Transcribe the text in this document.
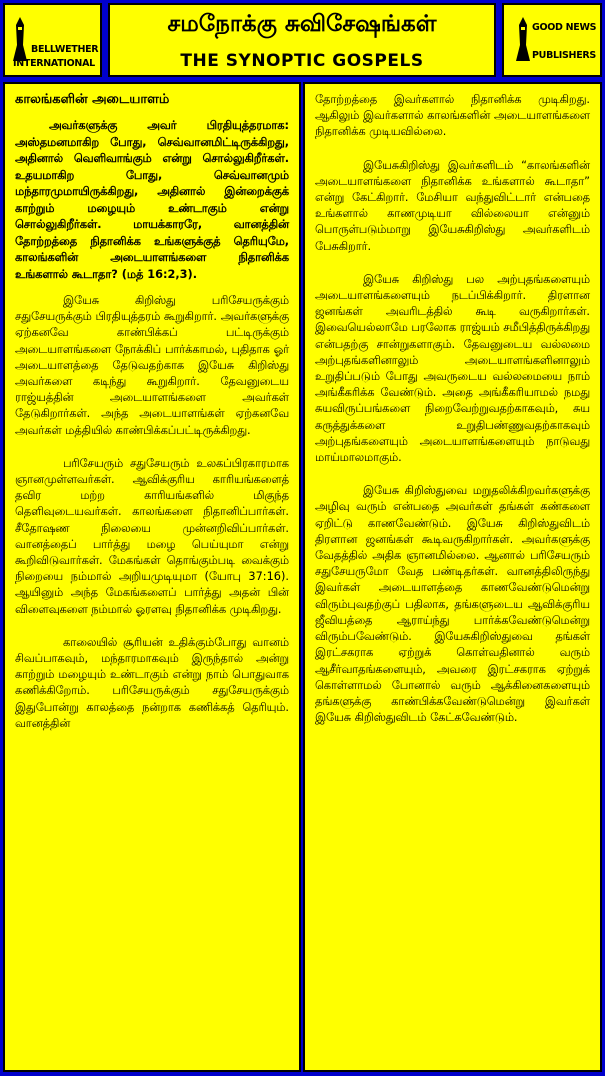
BELLWETHER
INTERNATIONAL
சமநோக்கு சுவிசேஷங்கள்
THE SYNOPTIC GOSPELS
GOOD NEWS
PUBLISHERS
காலங்களின் அடையாளம்

அவர்களுக்கு அவர் பிரதியுத்தரமாக: அஸ்தமனமாகிற போது, செவ்வானமிட்டிருக்கிறது, அதினால் வெளிவாங்கும் என்று சொல்லுகிறீர்கள். உதயமாகிற போது, செவ்வானமும் மந்தாரமுமாயிருக்கிறது, அதினால் இன்றைக்குக் காற்றும் மழையும் உண்டாகும் என்று சொல்லுகிறீர்கள். மாயக்காரரே, வானத்தின் தோற்றத்தை நிதானிக்க உங்களுக்குத் தெரியுமே, காலங்களின் அடையாளங்களை நிதானிக்க உங்களால் கூடாதா? (மத் 16:2,3).

இயேசு கிறிஸ்து பரிசேயருக்கும் சதுசேயருக்கும் பிரதியுத்தரம் கூறுகிறார். அவர்களுக்கு ஏற்கனவே காண்பிக்கப் பட்டிருக்கும் அடையாளங்களை நோக்கிப் பார்க்காமல், புதிதாக ஓர் அடையாளத்தை தேடுவதற்காக இயேசு கிறிஸ்து அவர்களை கடிந்து கூறுகிறார். தேவனுடைய ராஜ்யத்தின் அடையாளங்களை அவர்கள் தேடுகிறார்கள். அந்த அடையாளங்கள் ஏற்கனவே அவர்கள் மத்தியில் காண்பிக்கப்பட்டிருக்கிறது.

பரிசேயரும் சதுசேயரும் உலகப்பிரகாரமாக ஞானமுள்ளவர்கள். ஆவிக்குரிய காரியங்களைத் தவிர மற்ற காரியங்களில் மிகுந்த தெளிவுடையவர்கள். காலங்களை நிதானிப்பார்கள். சீதோஷண நிலையை முன்னறிவிப்பார்கள். வானத்தைப் பார்த்து மழை பெய்யுமா என்று கூறிவிடுவார்கள். மேகங்கள் தொங்கும்படி வைக்கும் நிறையை நம்மால் அறியமுடியுமா (யோபு 37:16). ஆயினும் அந்த மேகங்களைப் பார்த்து அதன் பின் விளைவுகளை நம்மால் ஓரளவு நிதானிக்க முடிகிறது.

காலையில் சூரியன் உதிக்கும்போது வானம் சிவப்பாகவும், மந்தாரமாகவும் இருந்தால் அன்று காற்றும் மழையும் உண்டாகும் என்று நாம் பொதுவாக கணிக்கிறோம். பரிசேயருக்கும் சதுசேயருக்கும் இதுபோன்று காலத்தை நன்றாக கணிக்கத் தெரியும். வானத்தின்

தோற்றத்தை இவர்களால் நிதானிக்க முடிகிறது. ஆகிலும் இவர்களால் காலங்களின் அடையாளங்களை நிதானிக்க முடியவில்லை.

இயேசுகிறிஸ்து இவர்களிடம் “காலங்களின் அடையாளங்களை நிதானிக்க உங்களால் கூடாதா” என்று கேட்கிறார். மேசியா வந்துவிட்டார் என்பதை உங்களால் காணமுடியா வில்லையா என்னும் பொருள்படும்மாறு இயேசுகிறிஸ்து அவர்களிடம் பேசுகிறார்.

இயேசு கிறிஸ்து பல அற்புதங்களையும் அடையாளங்களையும் நடப்பிக்கிறார். திரளான ஜனங்கள் அவரிடத்தில் கூடி வருகிறார்கள். இவையெல்லாமே பரலோக ராஜ்யம் சமீபித்திருக்கிறது என்பதற்கு சான்றுகளாகும். தேவனுடைய வல்லமை அற்புதங்களினாலும் அடையாளங்களினாலும் உறுதிப்படும் போது அவருடைய வல்லமையை நாம் அங்கீகரிக்க வேண்டும். அதை அங்கீகரியாமல் நமது சுயவிருப்பங்களை நிறைவேற்றுவதற்காகவும், சுய கருத்துக்களை உறுதிபண்ணுவதற்காகவும் அற்புதங்களையும் அடையாளங்களையும் நாடுவது மாய்மாலமாகும்.

இயேசு கிறிஸ்துவை மறுதலிக்கிறவர்களுக்கு அழிவு வரும் என்பதை அவர்கள் தங்கள் கண்களை ஏறிட்டு காணவேண்டும். இயேசு கிறிஸ்துவிடம் திரளான ஜனங்கள் கூடிவருகிறார்கள். அவர்களுக்கு வேதத்தில் அதிக ஞானமில்லை. ஆனால் பரிசேயரும் சதுசேயருமோ வேத பண்டிதர்கள். வானத்திலிருந்து இவர்கள் அடையாளத்தை காணவேண்டுமென்று விரும்புவதற்குப் பதிலாக, தங்களுடைய ஆவிக்குரிய ஜீவியத்தை ஆராய்ந்து பார்க்கவேண்டுமென்று விரும்பவேண்டும். இயேசுகிறிஸ்துவை தங்கள் இரட்சகராக ஏற்றுக் கொள்வதினால் வரும் ஆசீர்வாதங்களையும், அவரை இரட்சகராக ஏற்றுக் கொள்ளாமல் போனால் வரும் ஆக்கினைகளையும் தங்களுக்கு காண்பிக்கவேண்டுமென்று இவர்கள் இயேசு கிறிஸ்துவிடம் கேட்கவேண்டும்.
